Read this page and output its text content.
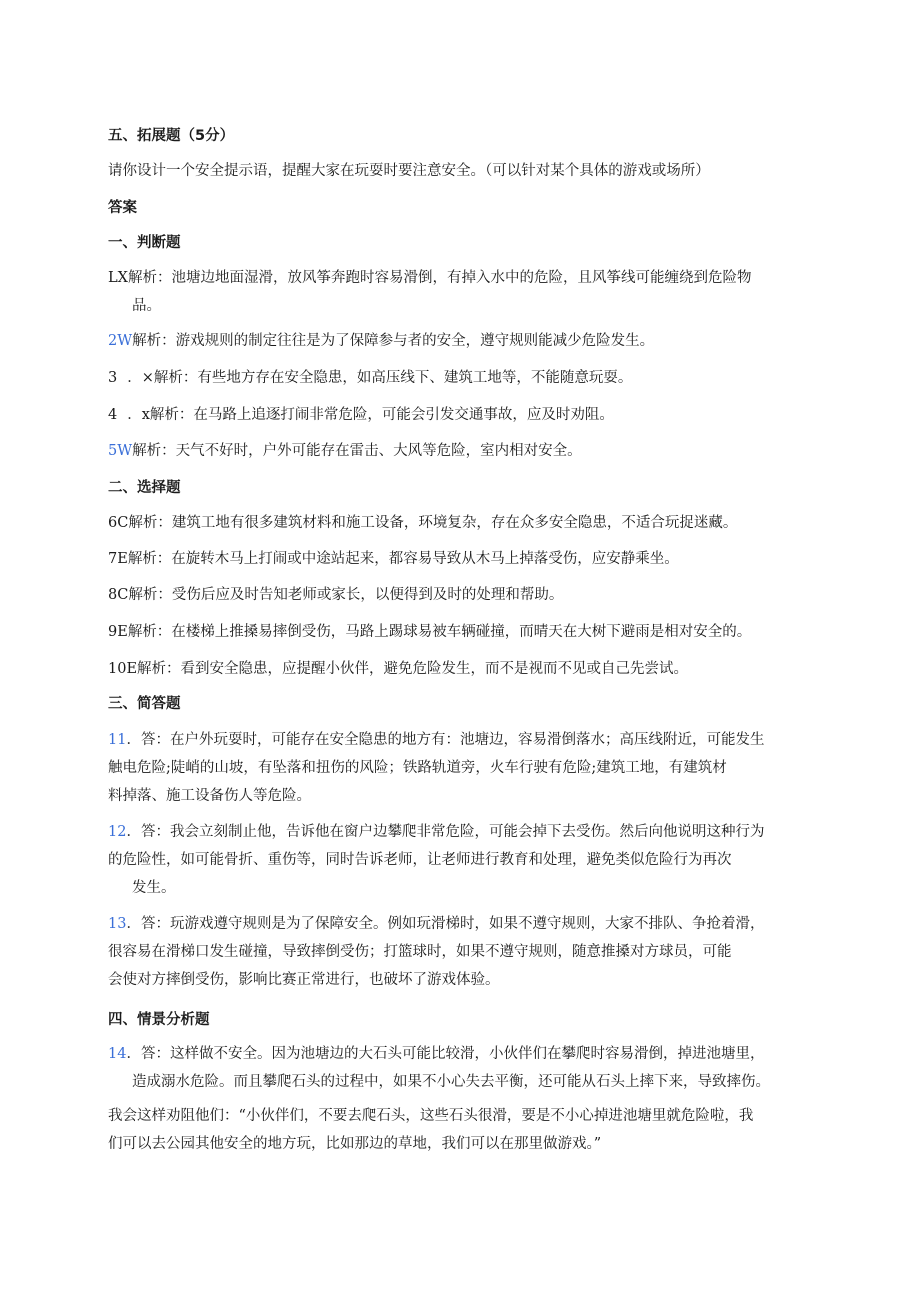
五、拓展题（5分）
请你设计一个安全提示语，提醒大家在玩耍时要注意安全。（可以针对某个具体的游戏或场所）
答案
一、判断题
LX解析：池塘边地面湿滑，放风筝奔跑时容易滑倒，有掉入水中的危险，且风筝线可能缠绕到危险物
品。
2W解析：游戏规则的制定往往是为了保障参与者的安全，遵守规则能减少危险发生。
3 ．×解析：有些地方存在安全隐患，如高压线下、建筑工地等，不能随意玩耍。
4 ．x解析：在马路上追逐打闹非常危险，可能会引发交通事故，应及时劝阻。
5W解析：天气不好时，户外可能存在雷击、大风等危险，室内相对安全。
二、选择题
6C解析：建筑工地有很多建筑材料和施工设备，环境复杂，存在众多安全隐患，不适合玩捉迷藏。
7E解析：在旋转木马上打闹或中途站起来，都容易导致从木马上掉落受伤，应安静乘坐。
8C解析：受伤后应及时告知老师或家长，以便得到及时的处理和帮助。
9E解析：在楼梯上推搡易摔倒受伤，马路上踢球易被车辆碰撞，而晴天在大树下避雨是相对安全的。
10E解析：看到安全隐患，应提醒小伙伴，避免危险发生，而不是视而不见或自己先尝试。
三、简答题
11．答：在户外玩耍时，可能存在安全隐患的地方有：池塘边，容易滑倒落水；高压线附近，可能发生
触电危险;陡峭的山坡，有坠落和扭伤的风险；铁路轨道旁，火车行驶有危险;建筑工地，有建筑材
料掉落、施工设备伤人等危险。
12．答：我会立刻制止他，告诉他在窗户边攀爬非常危险，可能会掉下去受伤。然后向他说明这种行为
的危险性，如可能骨折、重伤等，同时告诉老师，让老师进行教育和处理，避免类似危险行为再次
发生。
13．答：玩游戏遵守规则是为了保障安全。例如玩滑梯时，如果不遵守规则，大家不排队、争抢着滑，
很容易在滑梯口发生碰撞，导致摔倒受伤；打篮球时，如果不遵守规则，随意推搡对方球员，可能
会使对方摔倒受伤，影响比赛正常进行，也破坏了游戏体验。
四、情景分析题
14．答：这样做不安全。因为池塘边的大石头可能比较滑，小伙伴们在攀爬时容易滑倒，掉进池塘里，
造成溺水危险。而且攀爬石头的过程中，如果不小心失去平衡，还可能从石头上摔下来，导致摔伤。
我会这样劝阻他们：“小伙伴们，不要去爬石头，这些石头很滑，要是不小心掉进池塘里就危险啦，我
们可以去公园其他安全的地方玩，比如那边的草地，我们可以在那里做游戏。”
